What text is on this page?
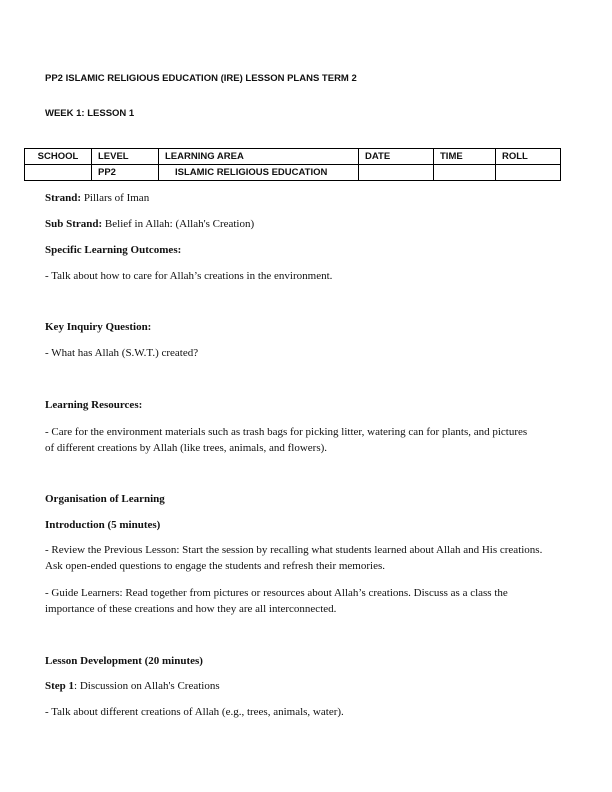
PP2 ISLAMIC RELIGIOUS EDUCATION (IRE) LESSON PLANS TERM 2
WEEK 1: LESSON 1
SCHOOL	LEVEL	LEARNING AREA	DATE	TIME	ROLL
	PP2	ISLAMIC RELIGIOUS EDUCATION			
Strand: Pillars of Iman
Sub Strand: Belief in Allah: (Allah's Creation)
Specific Learning Outcomes:
- Talk about how to care for Allah’s creations in the environment.
Key Inquiry Question:
- What has Allah (S.W.T.) created?
Learning Resources:
- Care for the environment materials such as trash bags for picking litter, watering can for plants, and pictures of different creations by Allah (like trees, animals, and flowers).
Organisation of Learning
Introduction (5 minutes)
- Review the Previous Lesson: Start the session by recalling what students learned about Allah and His creations. Ask open-ended questions to engage the students and refresh their memories.
- Guide Learners: Read together from pictures or resources about Allah’s creations. Discuss as a class the importance of these creations and how they are all interconnected.
Lesson Development (20 minutes)
Step 1: Discussion on Allah's Creations
- Talk about different creations of Allah (e.g., trees, animals, water).
